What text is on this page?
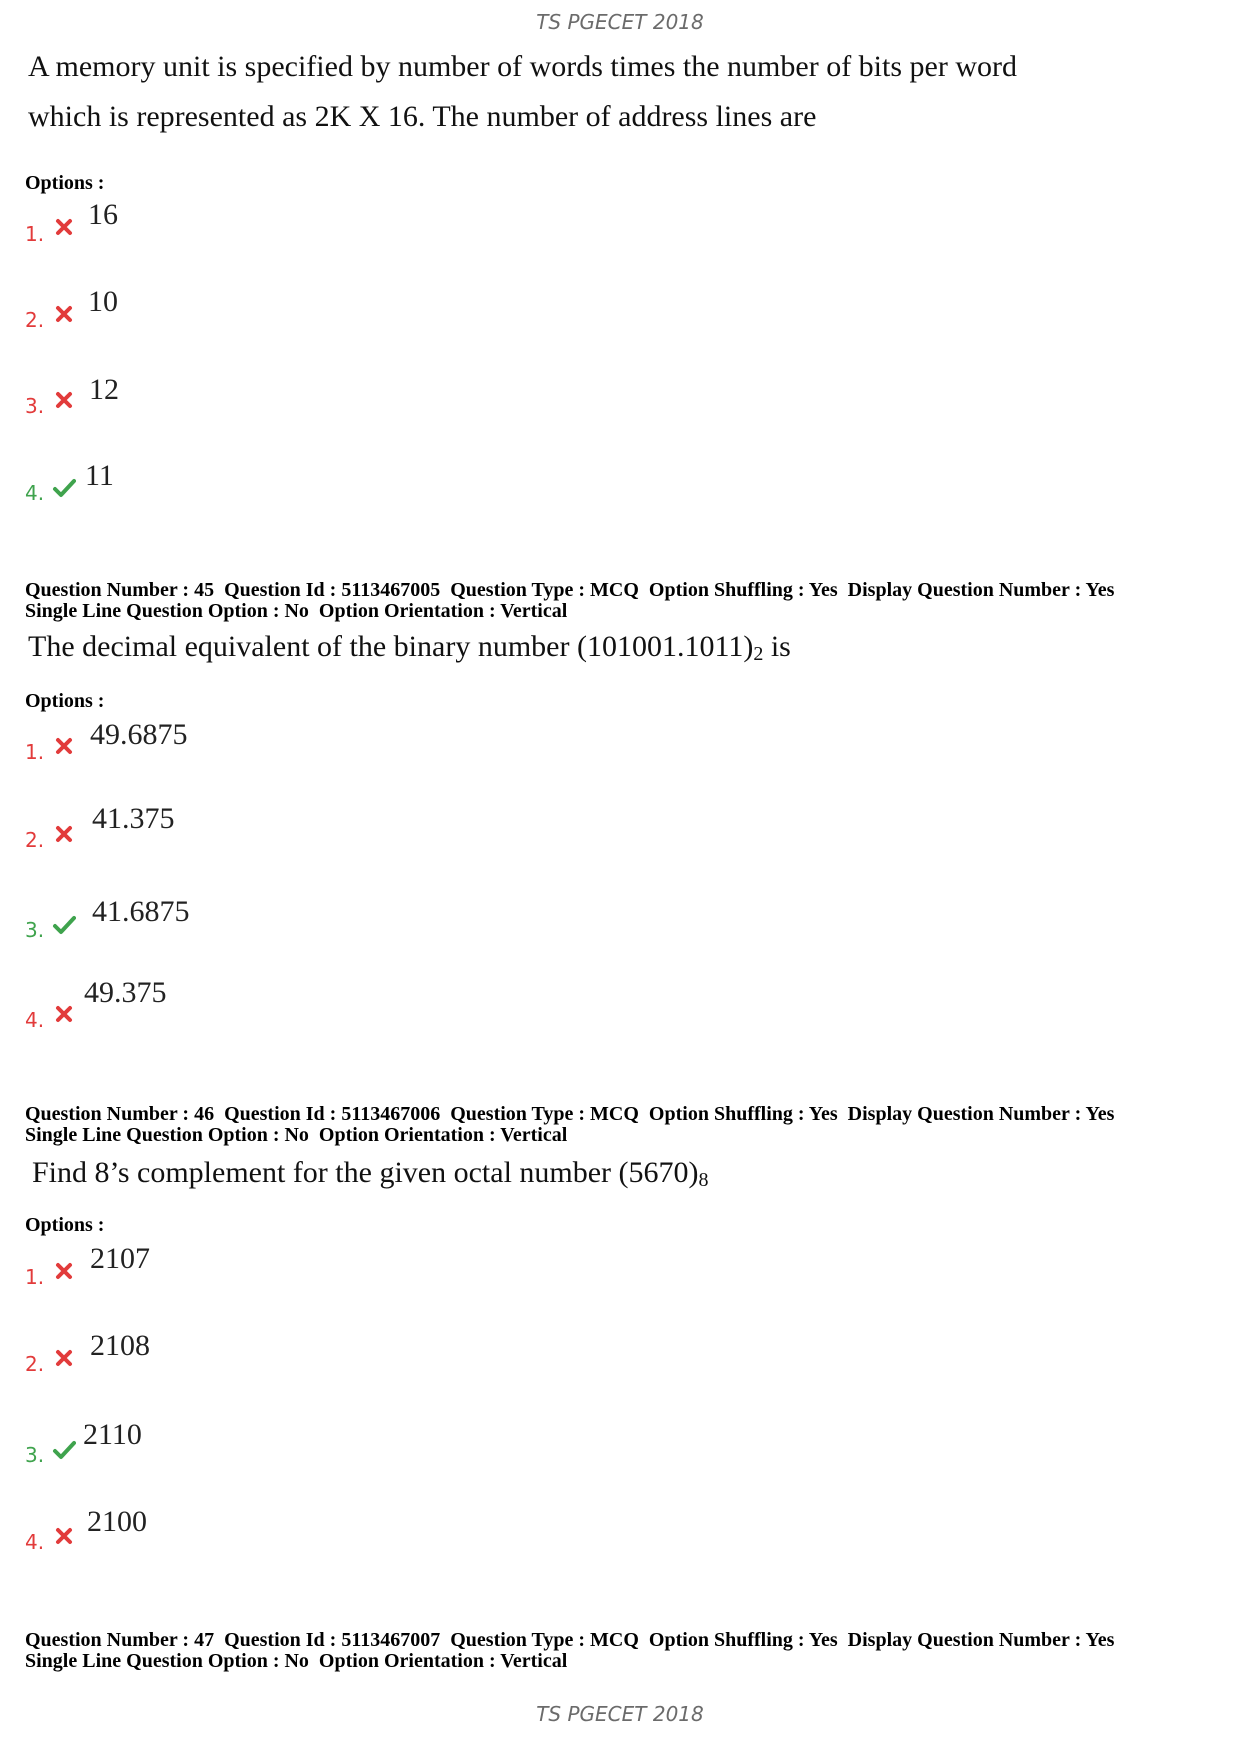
TS PGECET 2018
A memory unit is specified by number of words times the number of bits per word
which is represented as 2K X 16. The number of address lines are
Options :
1.
16
2.
10
3. 12
4.
11
Question Number : 45  Question Id : 5113467005  Question Type : MCQ  Option Shuffling : Yes  Display Question Number : Yes
Single Line Question Option : No  Option Orientation : Vertical
The decimal equivalent of the binary number $(101001.1011)_2$ is
Options :
1.
49.6875
2.
41.375
3.
41.6875
4.
49.375
Question Number : 46  Question Id : 5113467006  Question Type : MCQ  Option Shuffling : Yes  Display Question Number : Yes
Single Line Question Option : No  Option Orientation : Vertical
Find 8’s complement for the given octal number $(5670)_8$
Options :
1.
2107
2.
2108
3.
2110
4.
2100
Question Number : 47  Question Id : 5113467007  Question Type : MCQ  Option Shuffling : Yes  Display Question Number : Yes
Single Line Question Option : No  Option Orientation : Vertical
TS PGECET 2018
